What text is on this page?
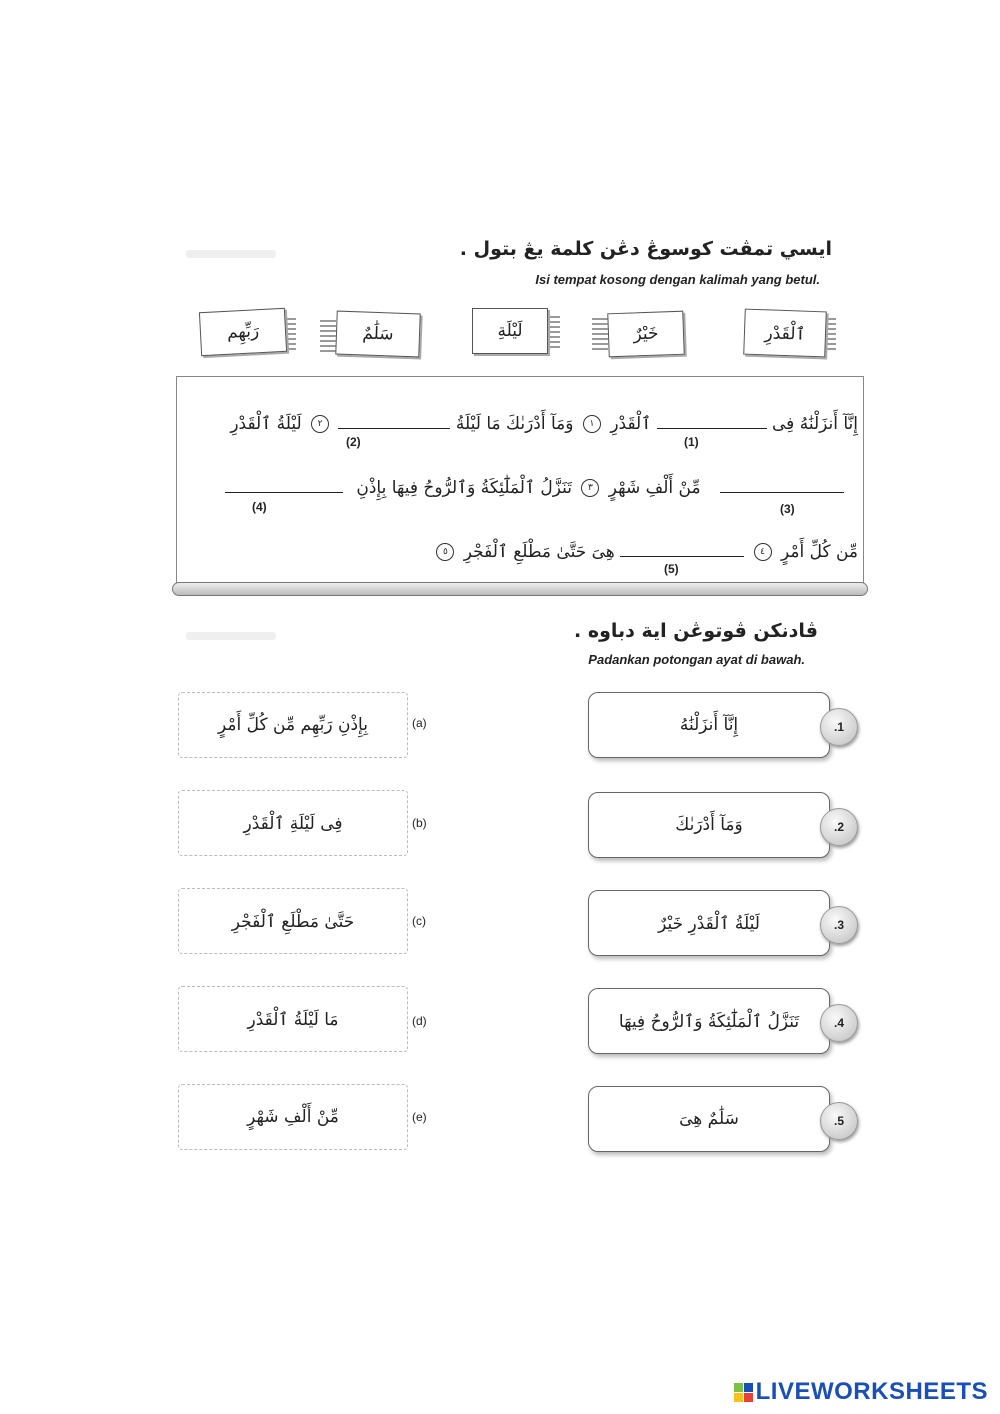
ايسي تمڤت كوسوڠ دڠن كلمة يڠ بتول .
Isi tempat kosong dengan kalimah yang betul.
رَبِّهِم	سَلَٰمٌ	لَيْلَةِ	خَيْرٌ	ٱلْقَدْرِ
إِنَّآ أَنزَلْنَٰهُ فِى  ٱلْقَدْرِ ١ وَمَآ أَدْرَىٰكَ مَا لَيْلَةُ  ٢ لَيْلَةُ ٱلْقَدْرِ
(1)
(2)
مِّنْ أَلْفِ شَهْرٍ ٣ تَنَزَّلُ ٱلْمَلَٰٓئِكَةُ وَٱلرُّوحُ فِيهَا بِإِذْنِ
(3)
(4)
مِّن كُلِّ أَمْرٍ ٤  هِىَ حَتَّىٰ مَطْلَعِ ٱلْفَجْرِ ٥
(5)
ڤادنكن ڤوتوڠن اية دباوه .
Padankan potongan ayat di bawah.
إِنَّآ أَنزَلْنَٰهُ	.1
وَمَآ أَدْرَىٰكَ	.2
لَيْلَةُ ٱلْقَدْرِ خَيْرٌ	.3
تَنَزَّلُ ٱلْمَلَٰٓئِكَةُ وَٱلرُّوحُ فِيهَا	.4
سَلَٰمٌ هِىَ	.5
بِإِذْنِ رَبِّهِم مِّن كُلِّ أَمْرٍ	(a)
فِى لَيْلَةِ ٱلْقَدْرِ	(b)
حَتَّىٰ مَطْلَعِ ٱلْفَجْرِ	(c)
مَا لَيْلَةُ ٱلْقَدْرِ	(d)
مِّنْ أَلْفِ شَهْرٍ	(e)
LIVEWORKSHEETS
